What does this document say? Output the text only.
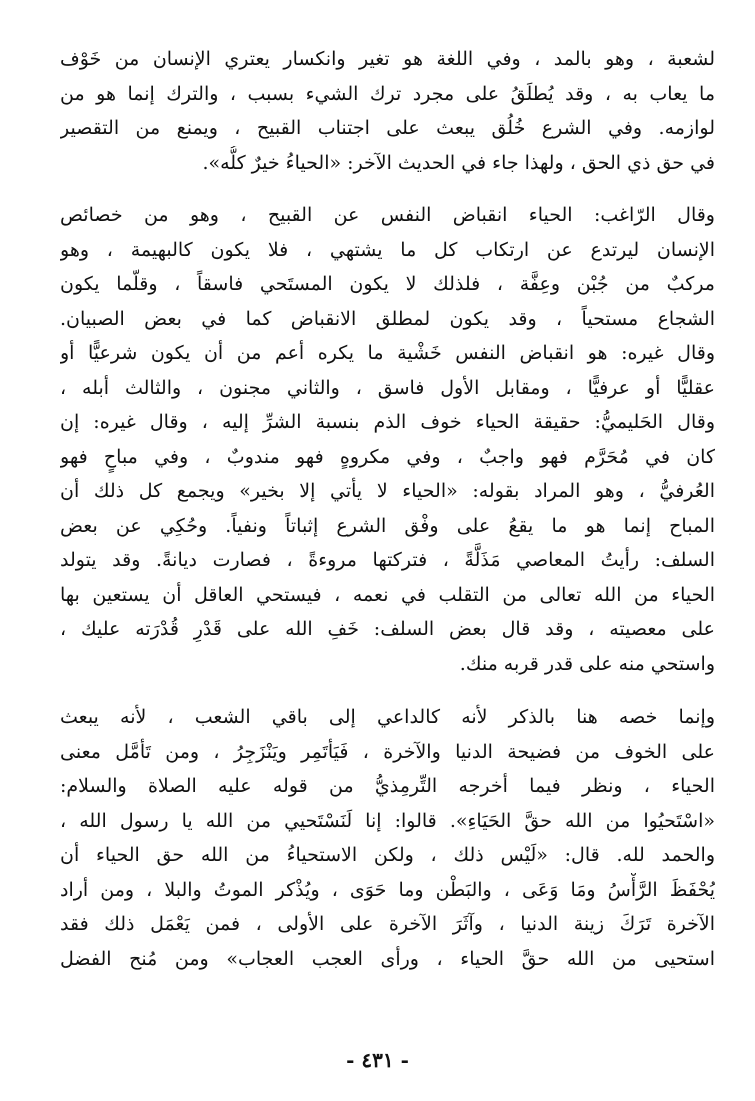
لشعبة ، وهو بالمد ، وفي اللغة هو تغير وانكسار يعتري الإنسان من خَوْف
ما يعاب به ، وقد يُطلَقُ على مجرد ترك الشيء بسبب ، والترك إنما هو من
لوازمه. وفي الشرع خُلُق يبعث على اجتناب القبيح ، ويمنع من التقصير
في حق ذي الحق ، ولهذا جاء في الحديث الآخر: «الحياءُ خيرٌ كلُّه».
وقال الرّاغب: الحياء انقباض النفس عن القبيح ، وهو من خصائص
الإنسان ليرتدع عن ارتكاب كل ما يشتهي ، فلا يكون كالبهيمة ، وهو
مركبٌ من جُبْن وعِفَّة ، فلذلك لا يكون المستَحي فاسقاً ، وقلّما يكون
الشجاع مستحياً ، وقد يكون لمطلق الانقباض كما في بعض الصبيان.
وقال غيره: هو انقباض النفس خَشْية ما يكره أعم من أن يكون شرعيًّا أو
عقليًّا أو عرفيًّا ، ومقابل الأول فاسق ، والثاني مجنون ، والثالث أبله ،
وقال الحَليميُّ: حقيقة الحياء خوف الذم بنسبة الشرِّ إليه ، وقال غيره: إن
كان في مُحَرَّم فهو واجبٌ ، وفي مكروهٍ فهو مندوبٌ ، وفي مباحٍ فهو
العُرفيُّ ، وهو المراد بقوله: «الحياء لا يأتي إلا بخير» ويجمع كل ذلك أن
المباح إنما هو ما يقعُ على وفْق الشرع إثباتاً ونفياً. وحُكِي عن بعض
السلف: رأيتُ المعاصي مَذَلَّةً ، فتركتها مروءةً ، فصارت ديانةً. وقد يتولد
الحياء من الله تعالى من التقلب في نعمه ، فيستحي العاقل أن يستعين بها
على معصيته ، وقد قال بعض السلف: خَفِ الله على قَدْرِ قُدْرَته عليك ،
واستحي منه على قدر قربه منك.
وإنما خصه هنا بالذكر لأنه كالداعي إلى باقي الشعب ، لأنه يبعث
على الخوف من فضيحة الدنيا والآخرة ، فَيَأتَمِر ويَنْزَجِرُ ، ومن تَأمَّل معنى
الحياء ، ونظر فيما أخرجه التِّرمِذيُّ من قوله عليه الصلاة والسلام:
«اسْتَحيُوا من الله حقَّ الحَيَاءِ». قالوا: إنا لَنَسْتَحيي من الله يا رسول الله ،
والحمد لله. قال: «لَيْس ذلك ، ولكن الاستحياءُ من الله حق الحياء أن
يُحْفَظَ الرَّأْسُ ومَا وَعَى ، والبَطْن وما حَوَى ، ويُذْكر الموتُ والبلا ، ومن أراد
الآخرة تَرَكَ زينة الدنيا ، وآثَرَ الآخرة على الأولى ، فمن يَعْمَل ذلك فقد
استحيى من الله حقَّ الحياء ، ورأى العجب العجاب» ومن مُنح الفضل
- ٤٣١ -
